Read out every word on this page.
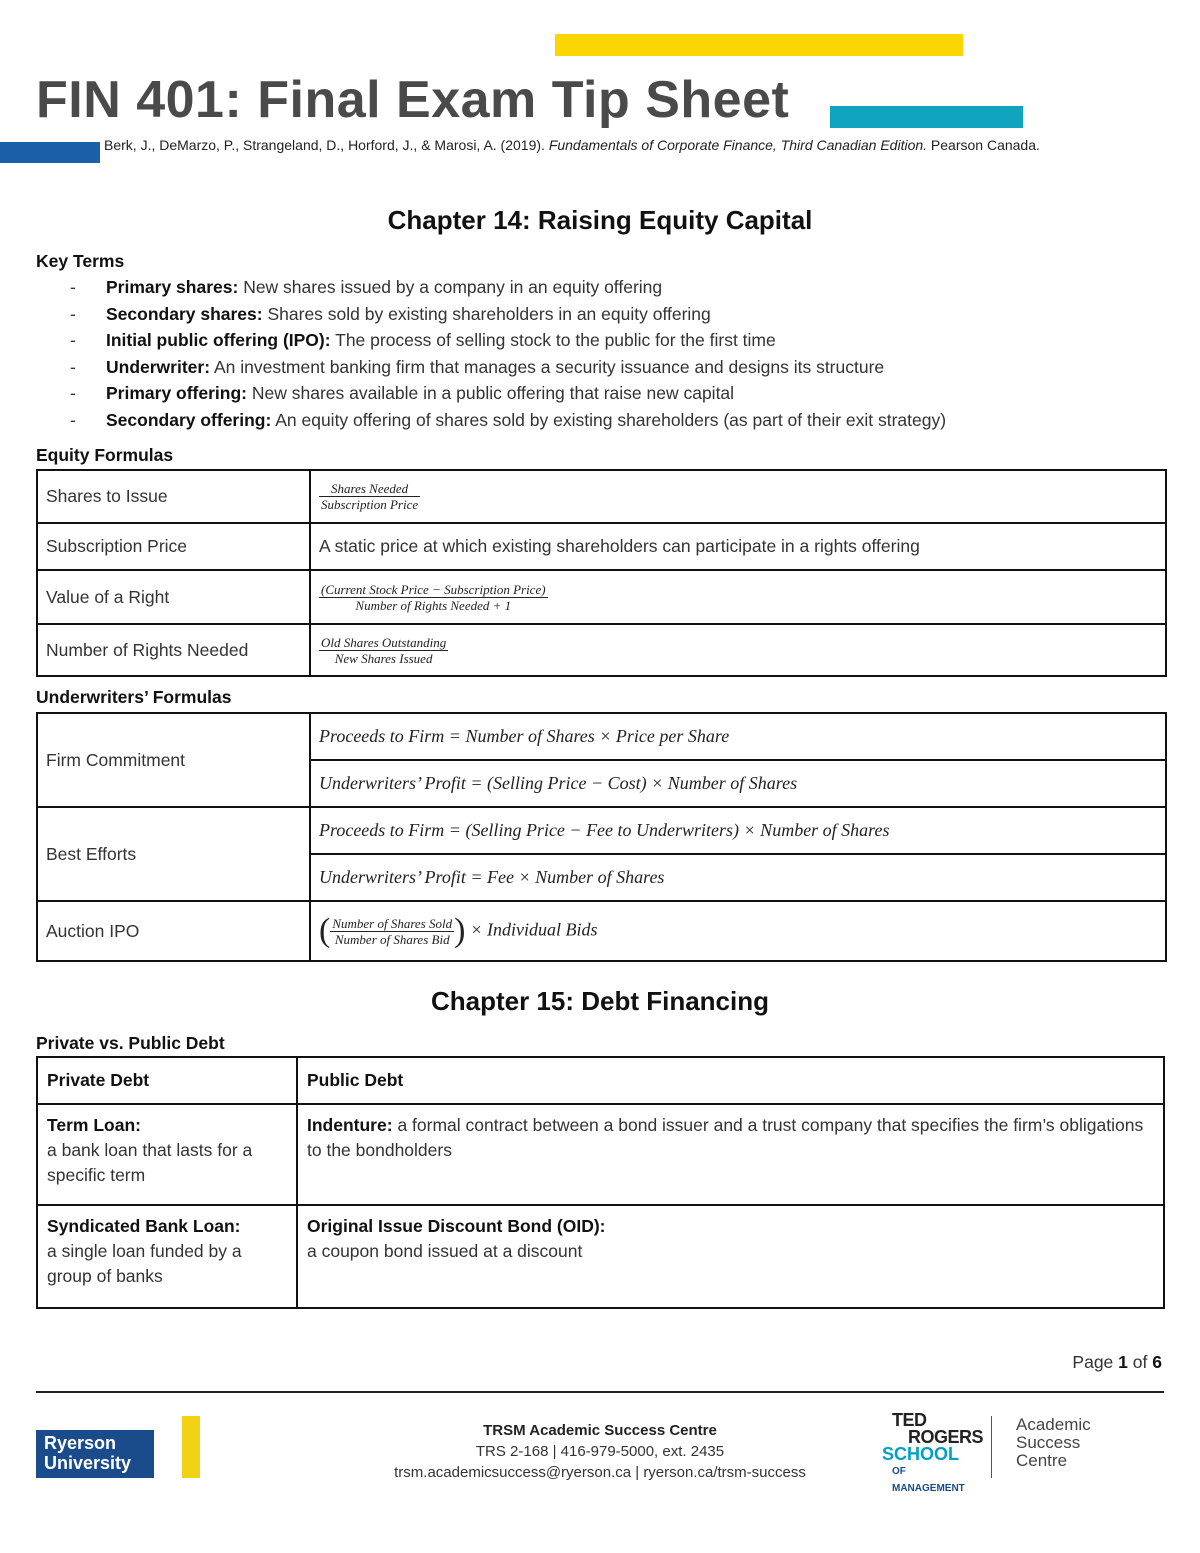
FIN 401: Final Exam Tip Sheet
Berk, J., DeMarzo, P., Strangeland, D., Horford, J., & Marosi, A. (2019). Fundamentals of Corporate Finance, Third Canadian Edition. Pearson Canada.
Chapter 14: Raising Equity Capital
Key Terms
- Primary shares: New shares issued by a company in an equity offering
- Secondary shares: Shares sold by existing shareholders in an equity offering
- Initial public offering (IPO): The process of selling stock to the public for the first time
- Underwriter: An investment banking firm that manages a security issuance and designs its structure
- Primary offering: New shares available in a public offering that raise new capital
- Secondary offering: An equity offering of shares sold by existing shareholders (as part of their exit strategy)
Equity Formulas
Shares to Issue	$\frac{\text{Shares Needed}}{\text{Subscription Price}}$

Subscription Price	A static price at which existing shareholders can participate in a rights offering
Value of a Right	$\frac{\text{(Current Stock Price − Subscription Price)}}{\text{Number of Rights Needed + 1}}$

Number of Rights Needed	$\frac{\text{Old Shares Outstanding}}{\text{New Shares Issued}}$
Underwriters’ Formulas
Firm Commitment	Proceeds to Firm = Number of Shares × Price per Share
	Underwriters’ Profit = (Selling Price − Cost) × Number of Shares
Best Efforts	Proceeds to Firm = (Selling Price − Fee to Underwriters) × Number of Shares
	Underwriters’ Profit = Fee × Number of Shares
Auction IPO	( $\frac{\text{Number of Shares Sold}}{\text{Number of Shares Bid}}$ ) × Individual Bids
Chapter 15: Debt Financing
Private vs. Public Debt
Private Debt	Public Debt
Term Loan:
a bank loan that lasts for a specific term	Indenture: a formal contract between a bond issuer and a trust company that specifies the firm’s obligations to the bondholders
Syndicated Bank Loan:
a single loan funded by a group of banks	Original Issue Discount Bond (OID):
a coupon bond issued at a discount
Page 1 of 6
Ryerson
University
TRSM Academic Success Centre
TRS 2-168 | 416-979-5000, ext. 2435
trsm.academicsuccess@ryerson.ca | ryerson.ca/trsm-success
TED
ROGERS
SCHOOL
OF MANAGEMENT
Academic
Success
Centre
